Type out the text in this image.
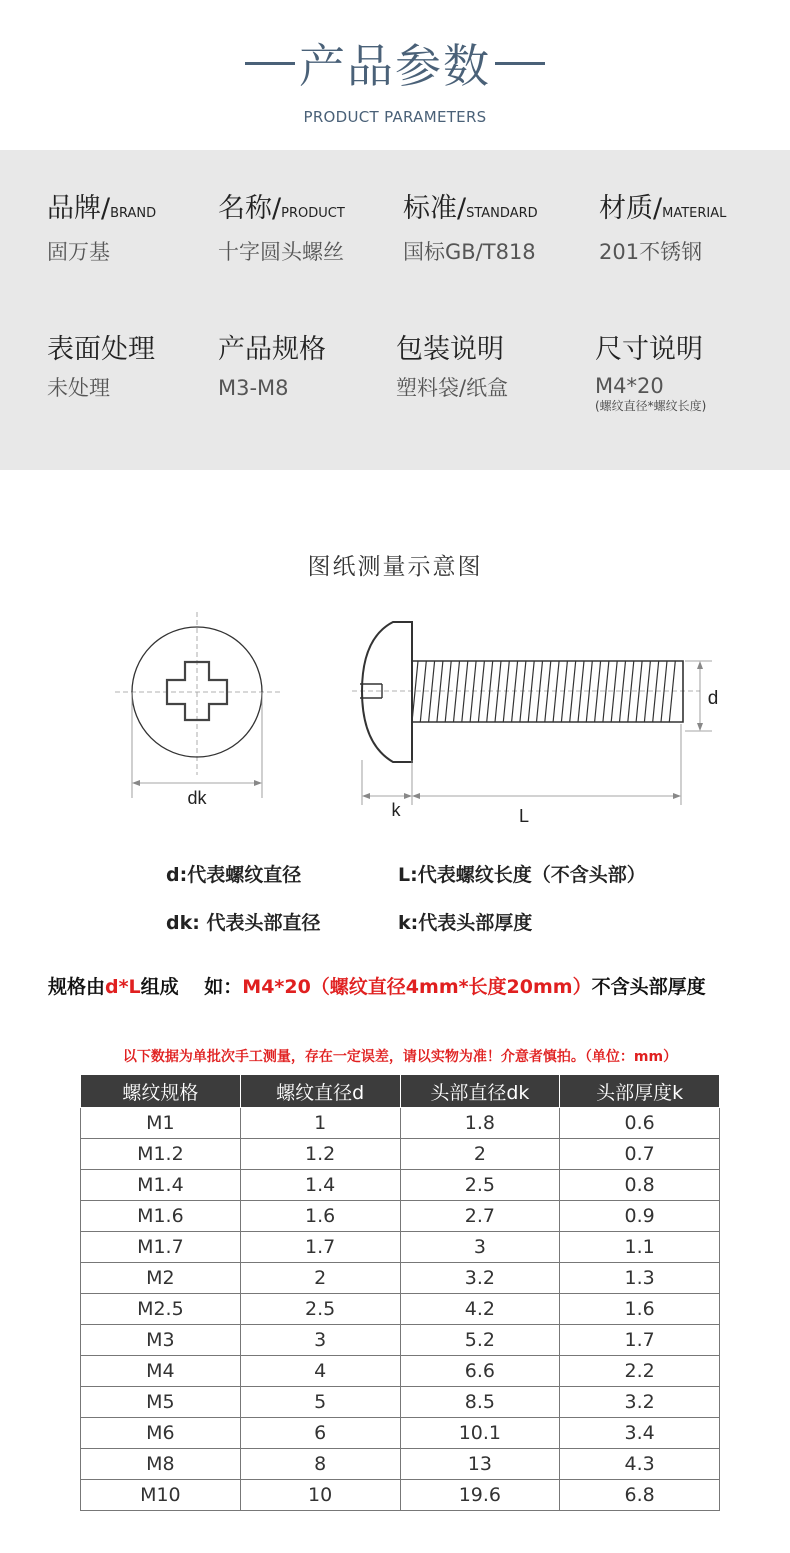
产品参数
PRODUCT PARAMETERS
品牌/BRAND
固万基
名称/PRODUCT
十字圆头螺丝
标准/STANDARD
国标GB/T818
材质/MATERIAL
201不锈钢
表面处理
未处理
产品规格
M3-M8
包装说明
塑料袋/纸盒
尺寸说明
M4*20
(螺纹直径*螺纹长度)
图纸测量示意图
dk
d
k	L
d:代表螺纹直径	L:代表螺纹长度（不含头部）
dk: 代表头部直径	k:代表头部厚度
规格由d*L组成 　如：M4*20（螺纹直径4mm*长度20mm）不含头部厚度
以下数据为单批次手工测量，存在一定误差，请以实物为准！介意者慎拍。（单位：mm）
螺纹规格	螺纹直径d	头部直径dk	头部厚度k
M1	1	1.8	0.6
M1.2	1.2	2	0.7
M1.4	1.4	2.5	0.8
M1.6	1.6	2.7	0.9
M1.7	1.7	3	1.1
M2	2	3.2	1.3
M2.5	2.5	4.2	1.6
M3	3	5.2	1.7
M4	4	6.6	2.2
M5	5	8.5	3.2
M6	6	10.1	3.4
M8	8	13	4.3
M10	10	19.6	6.8
